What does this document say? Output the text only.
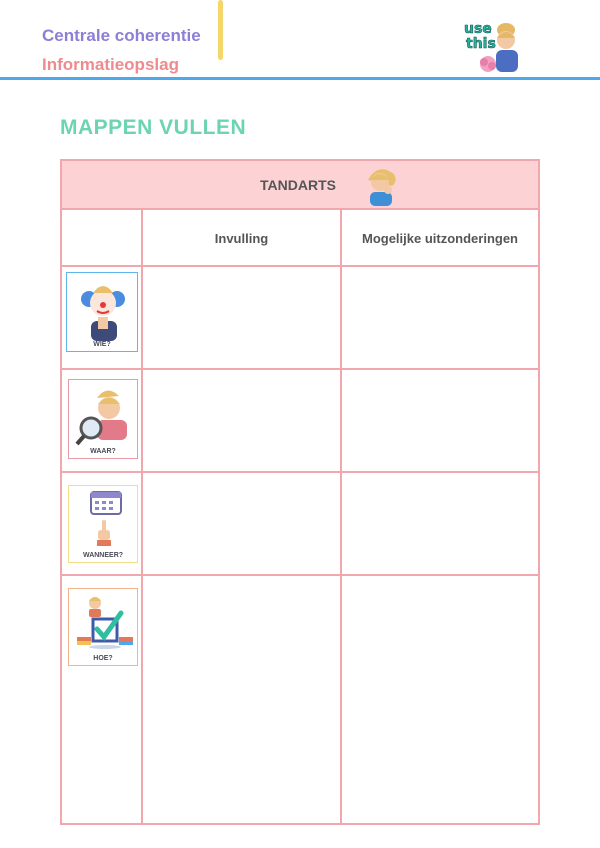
Centrale coherentie
Informatieopslag
use
this
MAPPEN VULLEN
TANDARTS
Invulling	Mogelijke uitzonderingen
WIE?
WAAR?
WANNEER?
HOE?
